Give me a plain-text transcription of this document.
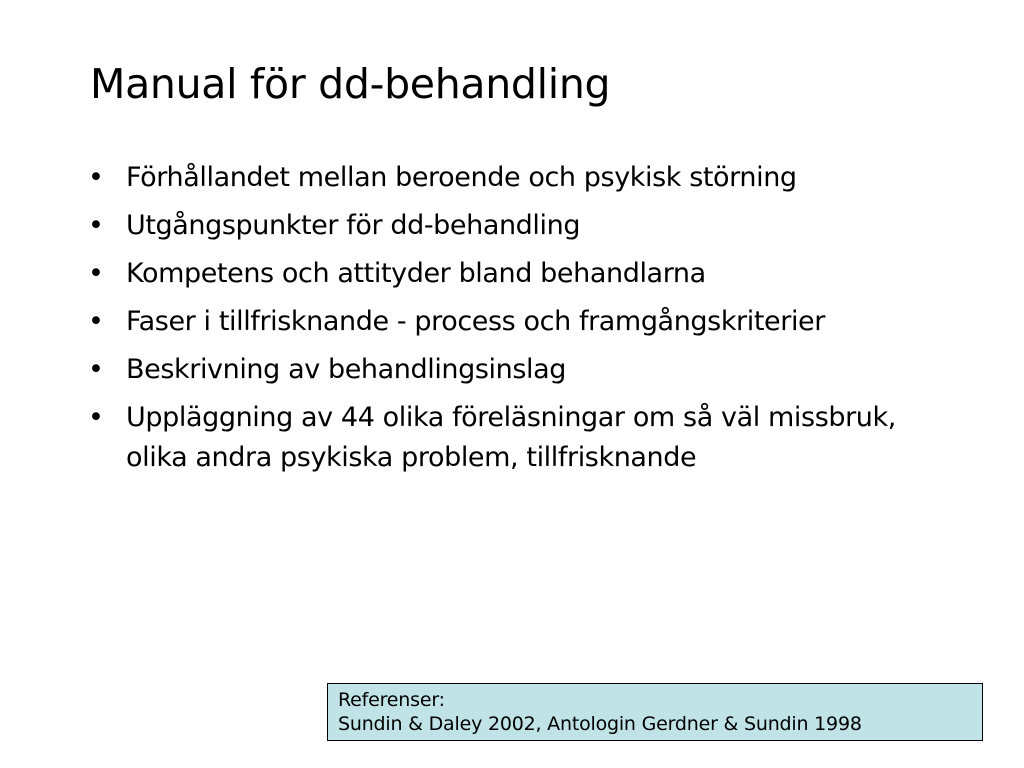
Manual för dd-behandling
• Förhållandet mellan beroende och psykisk störning
• Utgångspunkter för dd-behandling
• Kompetens och attityder bland behandlarna
• Faser i tillfrisknande - process och framgångskriterier
• Beskrivning av behandlingsinslag
• Uppläggning av 44 olika föreläsningar om så väl missbruk, olika andra psykiska problem, tillfrisknande
Referenser:
Sundin & Daley 2002, Antologin Gerdner & Sundin 1998
